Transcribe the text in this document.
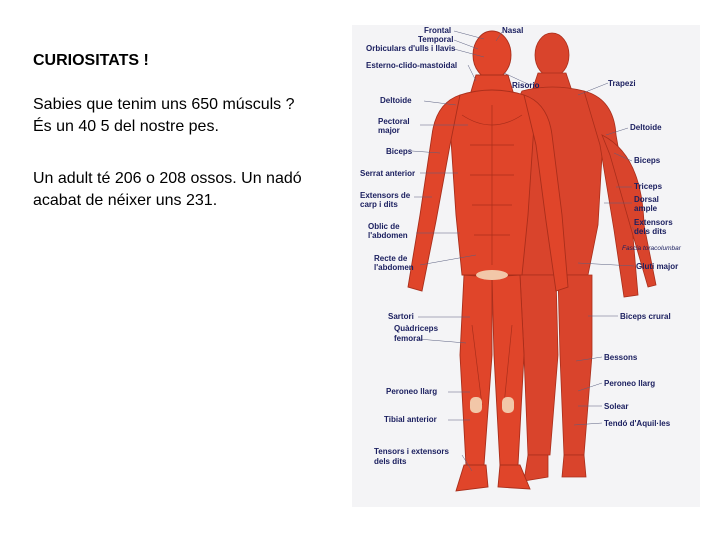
CURIOSITATS !
Sabies que tenim uns 650 músculs ?
És un 40 5 del nostre pes.
Un adult té 206 o 208 ossos. Un nadó
acabat de néixer uns 231.
Frontal
Temporal
Orbiculars d'ulls i llavis
Esterno-clido-mastoidal
Deltoide
Pectoral
major
Biceps
Serrat anterior
Extensors de
carp i dits
Oblic de
l'abdomen
Recte de
l'abdomen
Sartori
Quàdriceps
femoral
Peroneo llarg
Tibial anterior
Tensors i extensors
dels dits
Nasal
Risorio	Trapezi
Deltoide
Biceps
Triceps
Dorsal
ample
Extensors
dels dits
Fascia toracolumbar
Gluti major
Biceps crural
Bessons
Peroneo llarg
Solear
Tendó d'Aquil·les
